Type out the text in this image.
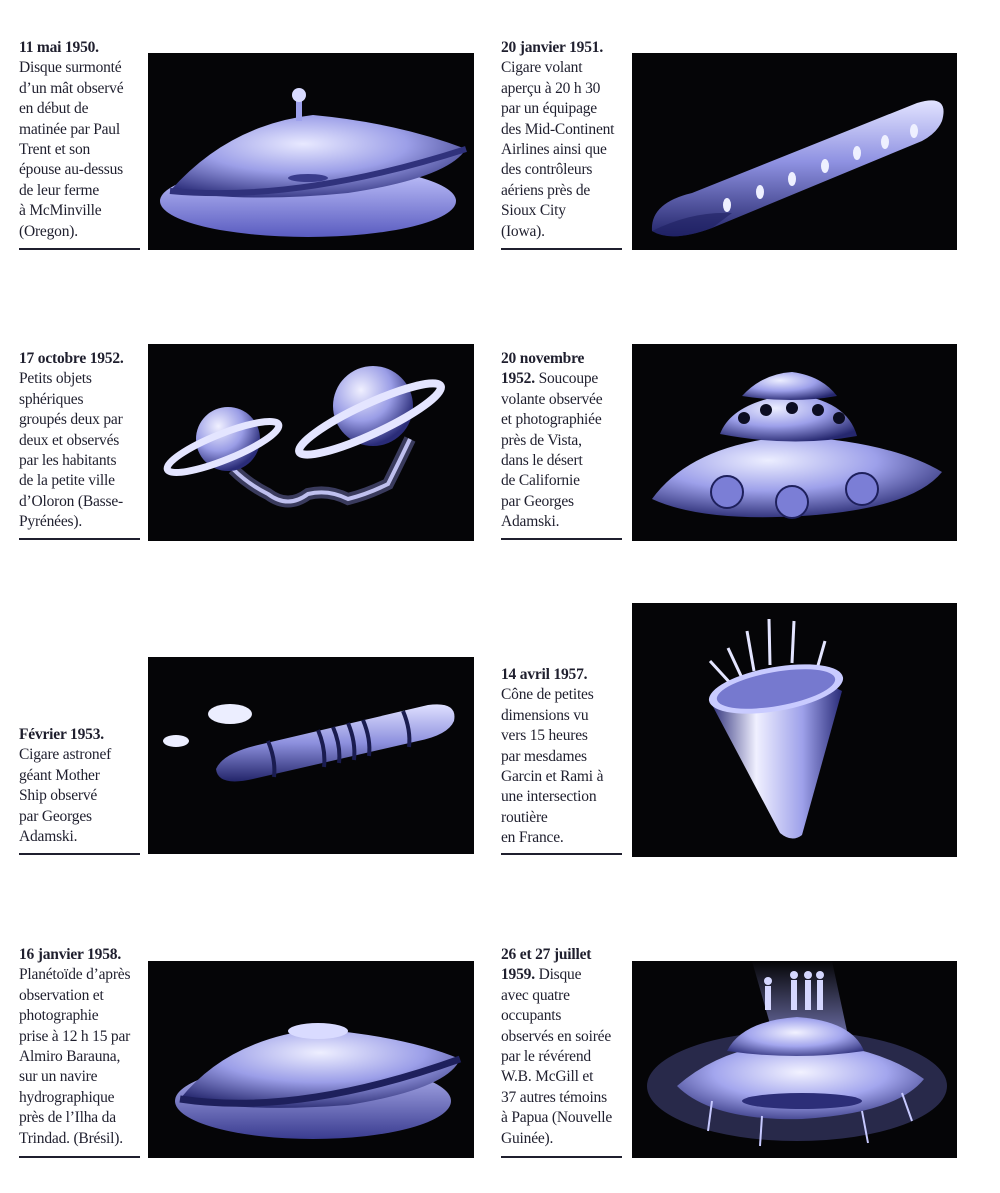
11 mai 1950.
Disque surmonté
d’un mât observé
en début de
matinée par Paul
Trent et son
épouse au-dessus
de leur ferme
à McMinville
(Oregon).
20 janvier 1951.
Cigare volant
aperçu à 20 h 30
par un équipage
des Mid-Continent
Airlines ainsi que
des contrôleurs
aériens près de
Sioux City
(Iowa).
17 octobre 1952.
Petits objets
sphériques
groupés deux par
deux et observés
par les habitants
de la petite ville
d’Oloron (Basse-
Pyrénées).
20 novembre
1952. Soucoupe
volante observée
et photographiée
près de Vista,
dans le désert
de Californie
par Georges
Adamski.
Février 1953.
Cigare astronef
géant Mother
Ship observé
par Georges
Adamski.
14 avril 1957.
Cône de petites
dimensions vu
vers 15 heures
par mesdames
Garcin et Rami à
une intersection
routière
en France.
16 janvier 1958.
Planétoïde d’après
observation et
photographie
prise à 12 h 15 par
Almiro Barauna,
sur un navire
hydrographique
près de l’Ilha da
Trindad. (Brésil).
26 et 27 juillet
1959. Disque
avec quatre
occupants
observés en soirée
par le révérend
W.B. McGill et
37 autres témoins
à Papua (Nouvelle
Guinée).
